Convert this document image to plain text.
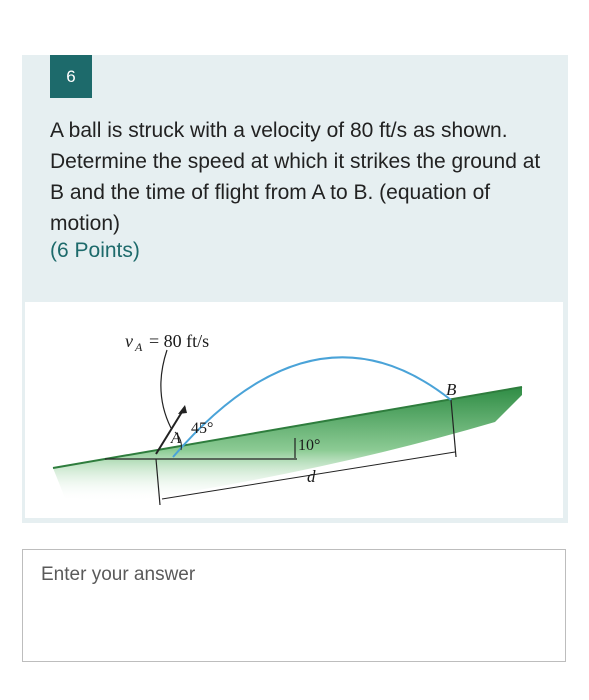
6

A ball is struck with a velocity of 80 ft/s as shown. Determine the speed at which it strikes the ground at B and the time of flight from A to B. (equation of motion)

(6 Points)
v A = 80 ft/s
A
B
45°
10°
d
Enter your answer
